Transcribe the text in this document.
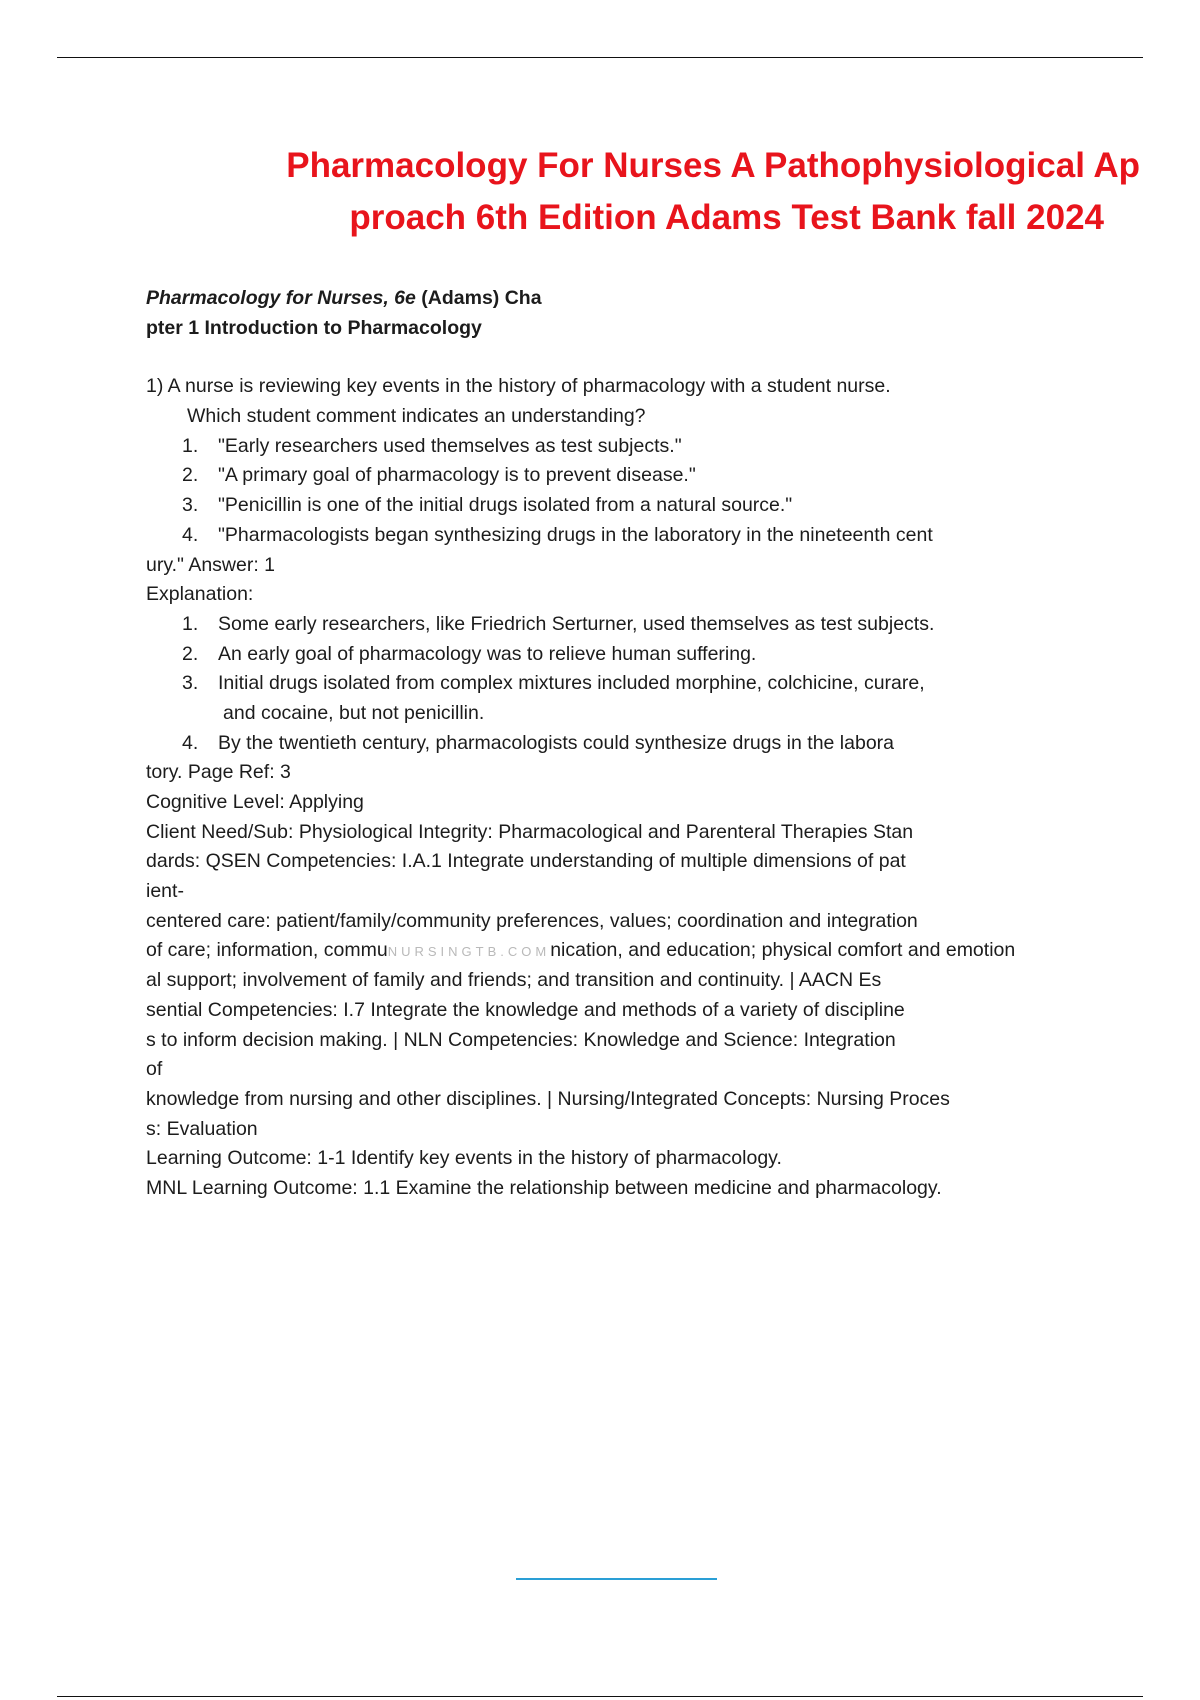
Pharmacology For Nurses A Pathophysiological Ap
proach 6th Edition Adams Test Bank fall 2024
Pharmacology for Nurses, 6e (Adams) Cha
pter 1 Introduction to Pharmacology
1) A nurse is reviewing key events in the history of pharmacology with a student nurse.
Which student comment indicates an understanding?
1. "Early researchers used themselves as test subjects."
2. "A primary goal of pharmacology is to prevent disease."
3. "Penicillin is one of the initial drugs isolated from a natural source."
4. "Pharmacologists began synthesizing drugs in the laboratory in the nineteenth cent
ury." Answer: 1
Explanation:
1. Some early researchers, like Friedrich Serturner, used themselves as test subjects.
2. An early goal of pharmacology was to relieve human suffering.
3. Initial drugs isolated from complex mixtures included morphine, colchicine, curare,
and cocaine, but not penicillin.
4. By the twentieth century, pharmacologists could synthesize drugs in the labora
tory. Page Ref: 3
Cognitive Level: Applying
Client Need/Sub: Physiological Integrity: Pharmacological and Parenteral Therapies Stan
dards: QSEN Competencies: I.A.1 Integrate understanding of multiple dimensions of pat
ient-
centered care: patient/family/community preferences, values; coordination and integration
of care; information, commuNURSINGTB.COMnication, and education; physical comfort and emotion
al support; involvement of family and friends; and transition and continuity. | AACN Es
sential Competencies: I.7 Integrate the knowledge and methods of a variety of discipline
s to inform decision making. | NLN Competencies: Knowledge and Science: Integration
of
knowledge from nursing and other disciplines. | Nursing/Integrated Concepts: Nursing Proces
s: Evaluation
Learning Outcome: 1-1 Identify key events in the history of pharmacology.
MNL Learning Outcome: 1.1 Examine the relationship between medicine and pharmacology.
